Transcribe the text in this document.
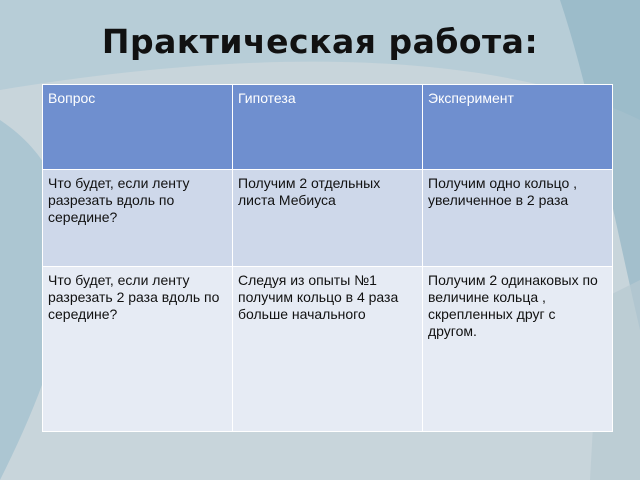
Практическая работа:
Вопрос	Гипотеза	Эксперимент
Что будет, если ленту разрезать вдоль по середине?	Получим 2 отдельных листа Мебиуса	Получим одно кольцо , увеличенное в 2 раза
Что будет, если ленту разрезать 2 раза вдоль по середине?	Следуя из опыты №1 получим кольцо в 4 раза больше начального	Получим 2 одинаковых по величине кольца , скрепленных друг с другом.
